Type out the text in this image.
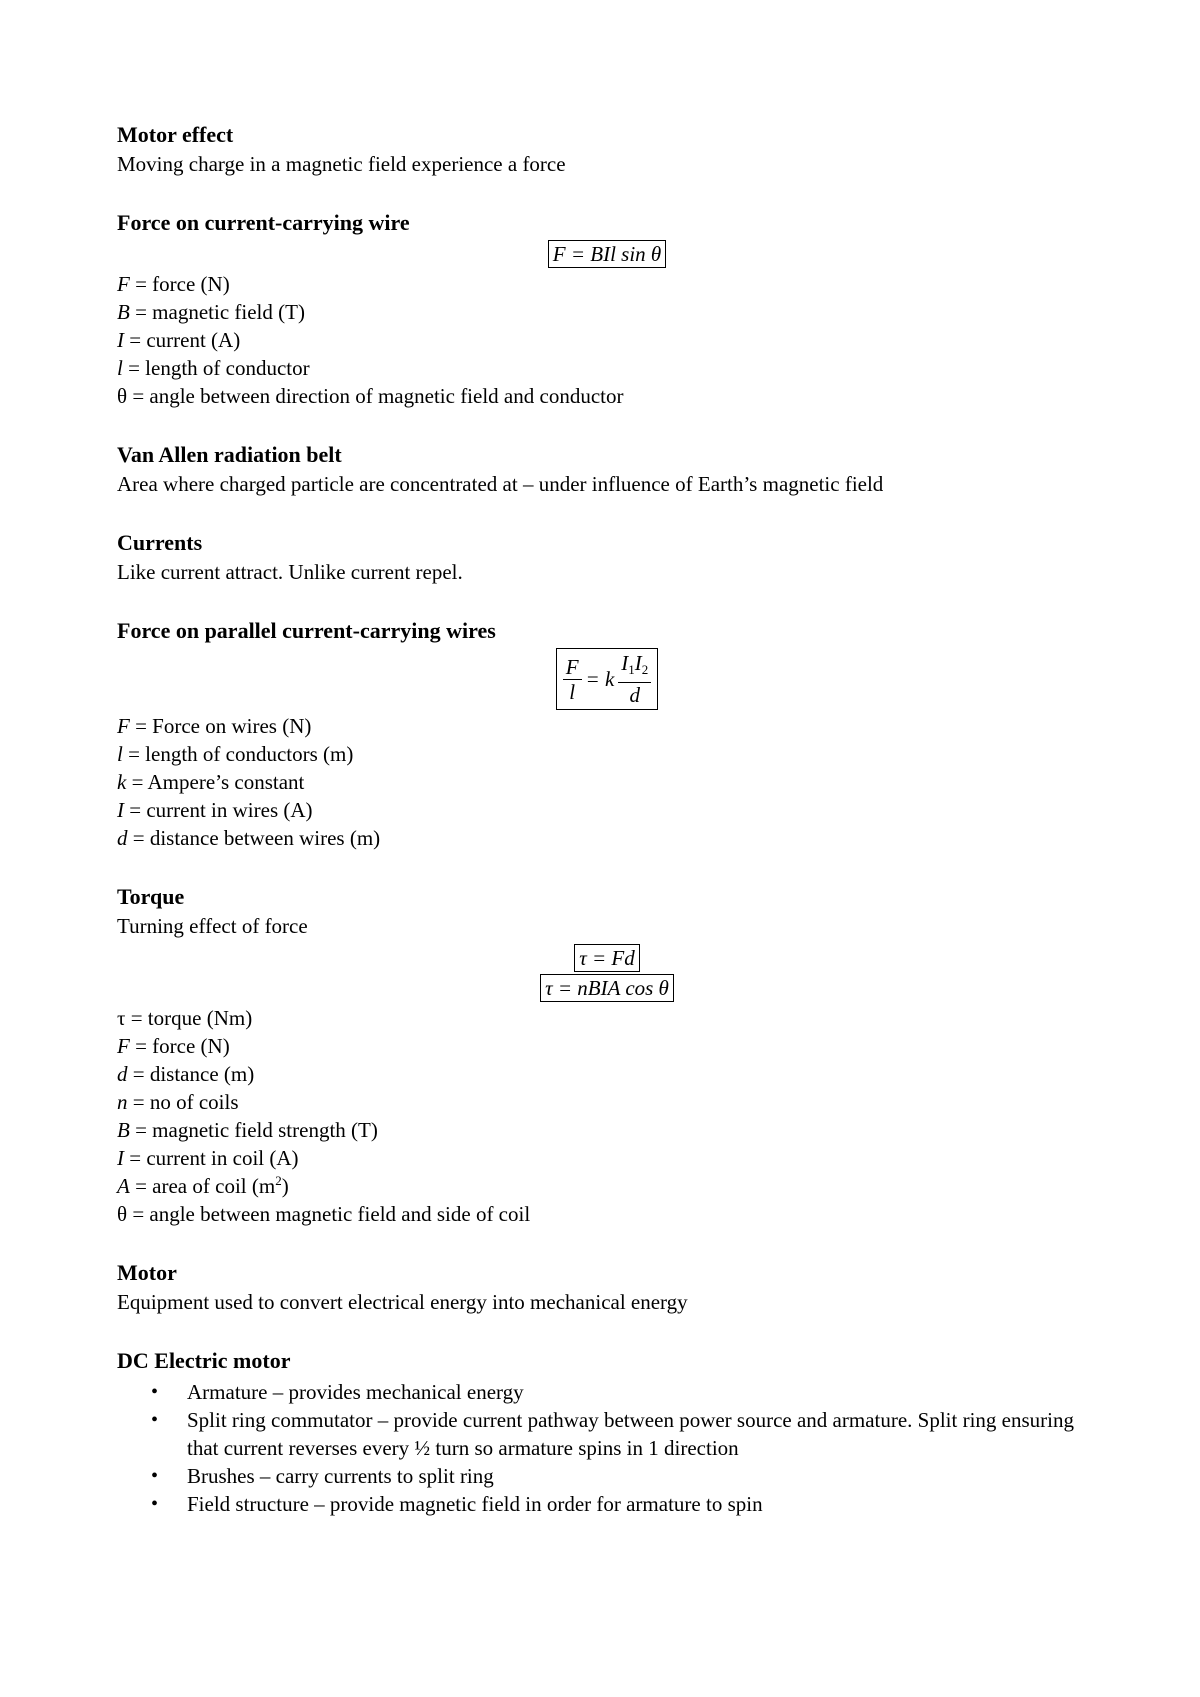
Motor effect

Moving charge in a magnetic field experience a force

Force on current-carrying wire
F = BIl sin θ

F = force (N)

B = magnetic field (T)

I = current (A)

l = length of conductor

θ = angle between direction of magnetic field and conductor

Van Allen radiation belt

Area where charged particle are concentrated at – under influence of Earth’s magnetic field

Currents

Like current attract. Unlike current repel.

Force on parallel current-carrying wires
$\frac{F}{l} = k \frac{I_1I_2}{d}$

F = Force on wires (N)

l = length of conductors (m)

k = Ampere’s constant

I = current in wires (A)

d = distance between wires (m)

Torque

Turning effect of force

τ = Fd
τ = nBIA cos θ

τ = torque (Nm)

F = force (N)

d = distance (m)

n = no of coils

B = magnetic field strength (T)

I = current in coil (A)

A = area of coil $(m^2)$

θ = angle between magnetic field and side of coil

Motor

Equipment used to convert electrical energy into mechanical energy

DC Electric motor
• Armature – provides mechanical energy
• Split ring commutator – provide current pathway between power source and armature. Split ring ensuring that current reverses every ½ turn so armature spins in 1 direction
• Brushes – carry currents to split ring
• Field structure – provide magnetic field in order for armature to spin
